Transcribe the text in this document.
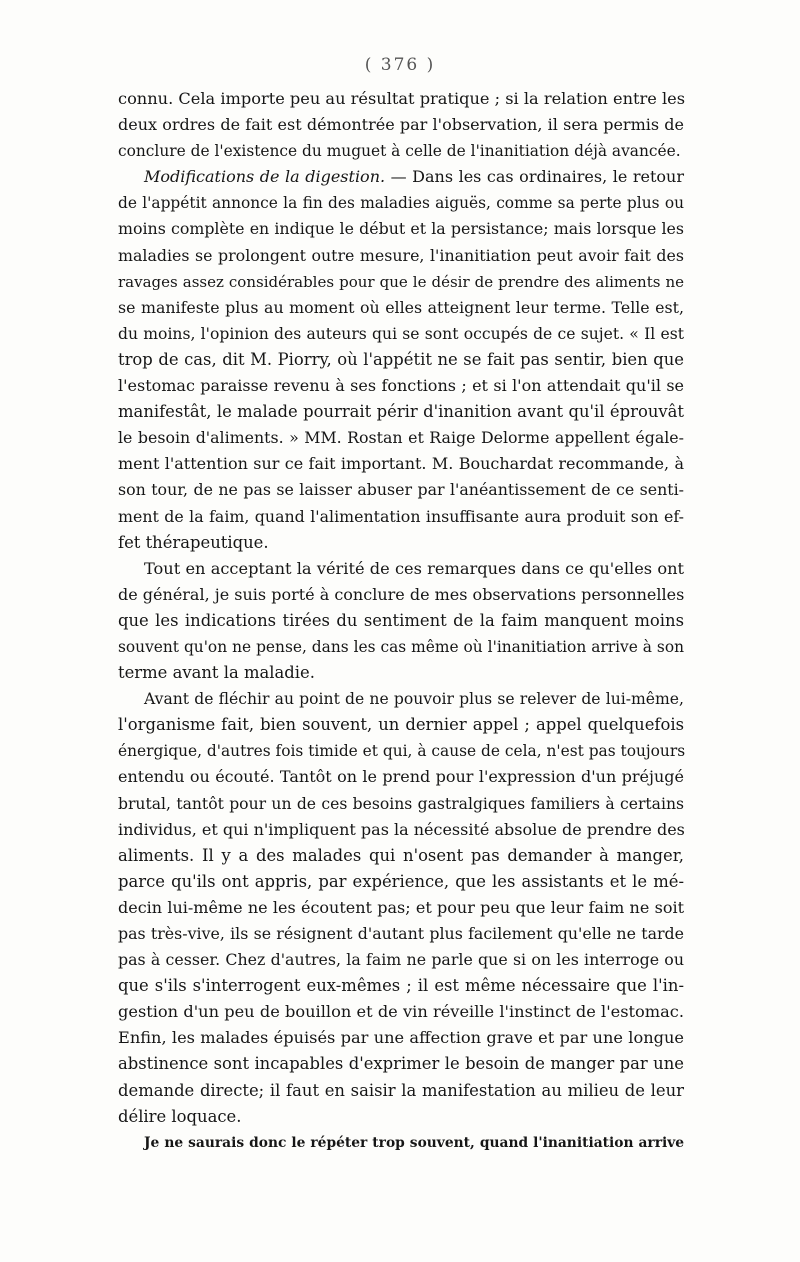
( 376 )
connu. Cela importe peu au résultat pratique ; si la relation entre les
deux ordres de fait est démontrée par l'observation, il sera permis de
conclure de l'existence du muguet à celle de l'inanitiation déjà avancée.
Modifications de la digestion. — Dans les cas ordinaires, le retour
de l'appétit annonce la fin des maladies aiguës, comme sa perte plus ou
moins complète en indique le début et la persistance; mais lorsque les
maladies se prolongent outre mesure, l'inanitiation peut avoir fait des
ravages assez considérables pour que le désir de prendre des aliments ne
se manifeste plus au moment où elles atteignent leur terme. Telle est,
du moins, l'opinion des auteurs qui se sont occupés de ce sujet. « Il est
trop de cas, dit M. Piorry, où l'appétit ne se fait pas sentir, bien que
l'estomac paraisse revenu à ses fonctions ; et si l'on attendait qu'il se
manifestât, le malade pourrait périr d'inanition avant qu'il éprouvât
le besoin d'aliments. » MM. Rostan et Raige Delorme appellent égale-
ment l'attention sur ce fait important. M. Bouchardat recommande, à
son tour, de ne pas se laisser abuser par l'anéantissement de ce senti-
ment de la faim, quand l'alimentation insuffisante aura produit son ef-
fet thérapeutique.
Tout en acceptant la vérité de ces remarques dans ce qu'elles ont
de général, je suis porté à conclure de mes observations personnelles
que les indications tirées du sentiment de la faim manquent moins
souvent qu'on ne pense, dans les cas même où l'inanitiation arrive à son
terme avant la maladie.
Avant de fléchir au point de ne pouvoir plus se relever de lui-même,
l'organisme fait, bien souvent, un dernier appel ; appel quelquefois
énergique, d'autres fois timide et qui, à cause de cela, n'est pas toujours
entendu ou écouté. Tantôt on le prend pour l'expression d'un préjugé
brutal, tantôt pour un de ces besoins gastralgiques familiers à certains
individus, et qui n'impliquent pas la nécessité absolue de prendre des
aliments. Il y a des malades qui n'osent pas demander à manger,
parce qu'ils ont appris, par expérience, que les assistants et le mé-
decin lui-même ne les écoutent pas; et pour peu que leur faim ne soit
pas très-vive, ils se résignent d'autant plus facilement qu'elle ne tarde
pas à cesser. Chez d'autres, la faim ne parle que si on les interroge ou
que s'ils s'interrogent eux-mêmes ; il est même nécessaire que l'in-
gestion d'un peu de bouillon et de vin réveille l'instinct de l'estomac.
Enfin, les malades épuisés par une affection grave et par une longue
abstinence sont incapables d'exprimer le besoin de manger par une
demande directe; il faut en saisir la manifestation au milieu de leur
délire loquace.
Je ne saurais donc le répéter trop souvent, quand l'inanitiation arrive
